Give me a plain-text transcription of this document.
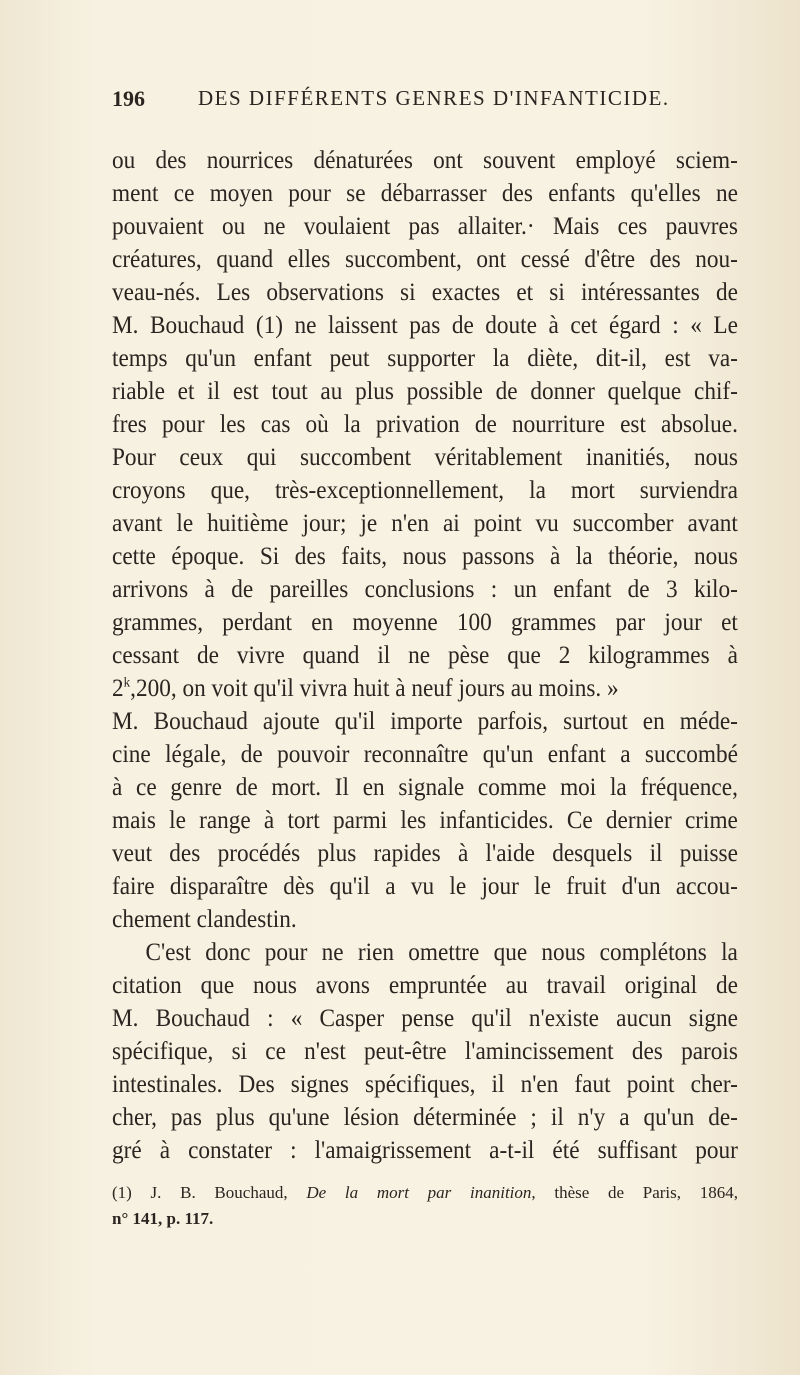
196	DES DIFFÉRENTS GENRES D'INFANTICIDE.
ou des nourrices dénaturées ont souvent employé sciem-
ment ce moyen pour se débarrasser des enfants qu'elles ne
pouvaient ou ne voulaient pas allaiter.· Mais ces pauvres
créatures, quand elles succombent, ont cessé d'être des nou-
veau-nés. Les observations si exactes et si intéressantes de
M. Bouchaud (1) ne laissent pas de doute à cet égard : « Le
temps qu'un enfant peut supporter la diète, dit-il, est va-
riable et il est tout au plus possible de donner quelque chif-
fres pour les cas où la privation de nourriture est absolue.
Pour ceux qui succombent véritablement inanitiés, nous
croyons que, très-exceptionnellement, la mort surviendra
avant le huitième jour; je n'en ai point vu succomber avant
cette époque. Si des faits, nous passons à la théorie, nous
arrivons à de pareilles conclusions : un enfant de 3 kilo-
grammes, perdant en moyenne 100 grammes par jour et
cessant de vivre quand il ne pèse que 2 kilogrammes à
2$^k$,200, on voit qu'il vivra huit à neuf jours au moins. »
M. Bouchaud ajoute qu'il importe parfois, surtout en méde-
cine légale, de pouvoir reconnaître qu'un enfant a succombé
à ce genre de mort. Il en signale comme moi la fréquence,
mais le range à tort parmi les infanticides. Ce dernier crime
veut des procédés plus rapides à l'aide desquels il puisse
faire disparaître dès qu'il a vu le jour le fruit d'un accou-
chement clandestin.
C'est donc pour ne rien omettre que nous complétons la
citation que nous avons empruntée au travail original de
M. Bouchaud : « Casper pense qu'il n'existe aucun signe
spécifique, si ce n'est peut-être l'amincissement des parois
intestinales. Des signes spécifiques, il n'en faut point cher-
cher, pas plus qu'une lésion déterminée ; il n'y a qu'un de-
gré à constater : l'amaigrissement a-t-il été suffisant pour
(1) J. B. Bouchaud, De la mort par inanition, thèse de Paris, 1864,
n° 141, p. 117.
